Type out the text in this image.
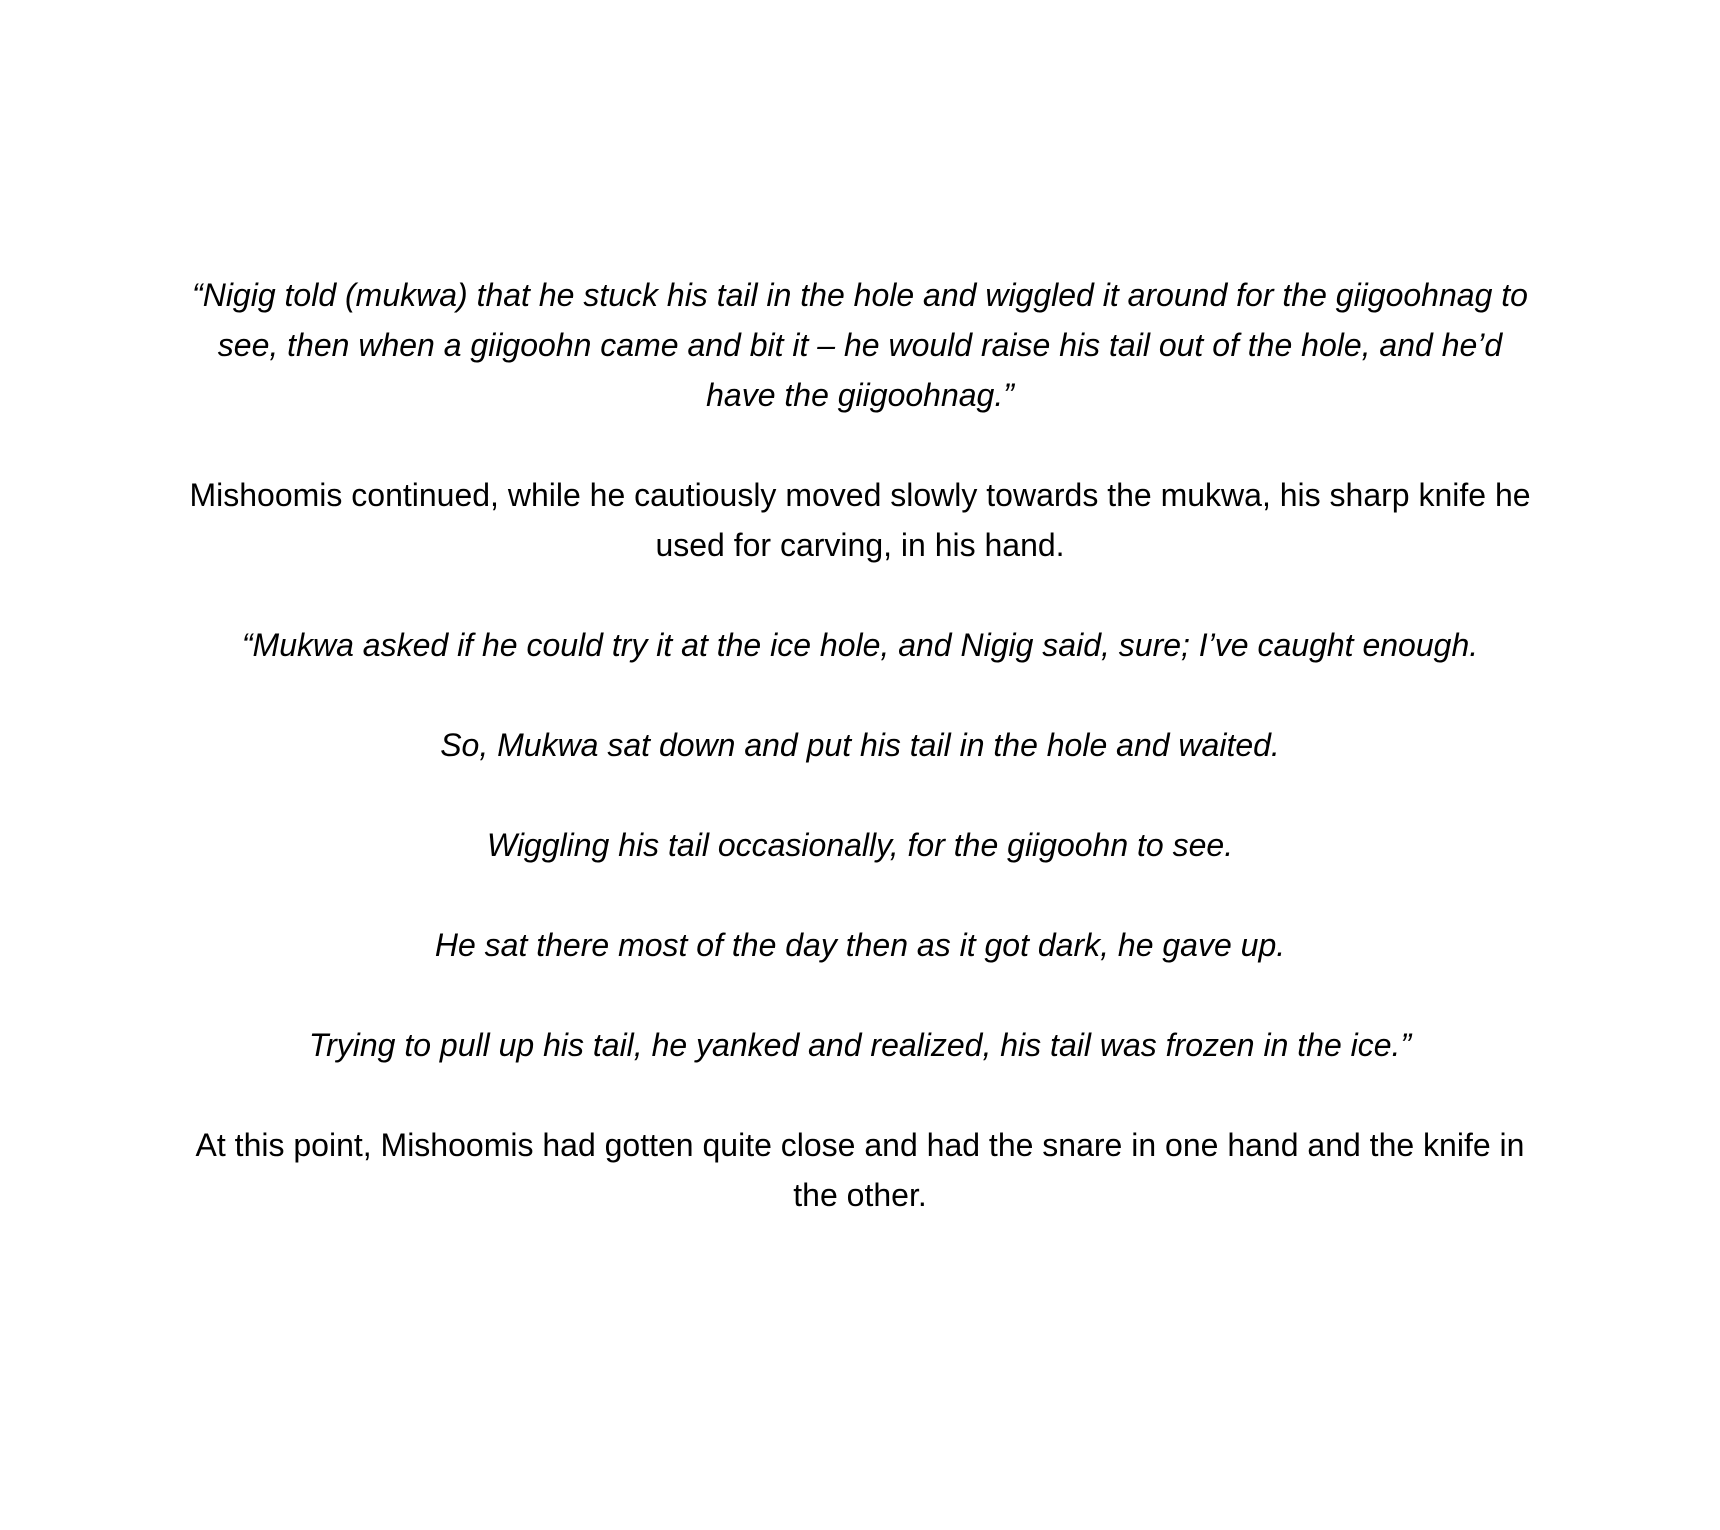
“Nigig told (mukwa) that he stuck his tail in the hole and wiggled it around for the giigoohnag to see, then when a giigoohn came and bit it – he would raise his tail out of the hole, and he’d have the giigoohnag.”

Mishoomis continued, while he cautiously moved slowly towards the mukwa, his sharp knife he used for carving, in his hand.

“Mukwa asked if he could try it at the ice hole, and Nigig said, sure; I’ve caught enough.

So, Mukwa sat down and put his tail in the hole and waited.

Wiggling his tail occasionally, for the giigoohn to see.

He sat there most of the day then as it got dark, he gave up.

Trying to pull up his tail, he yanked and realized, his tail was frozen in the ice.”

At this point, Mishoomis had gotten quite close and had the snare in one hand and the knife in the other.
